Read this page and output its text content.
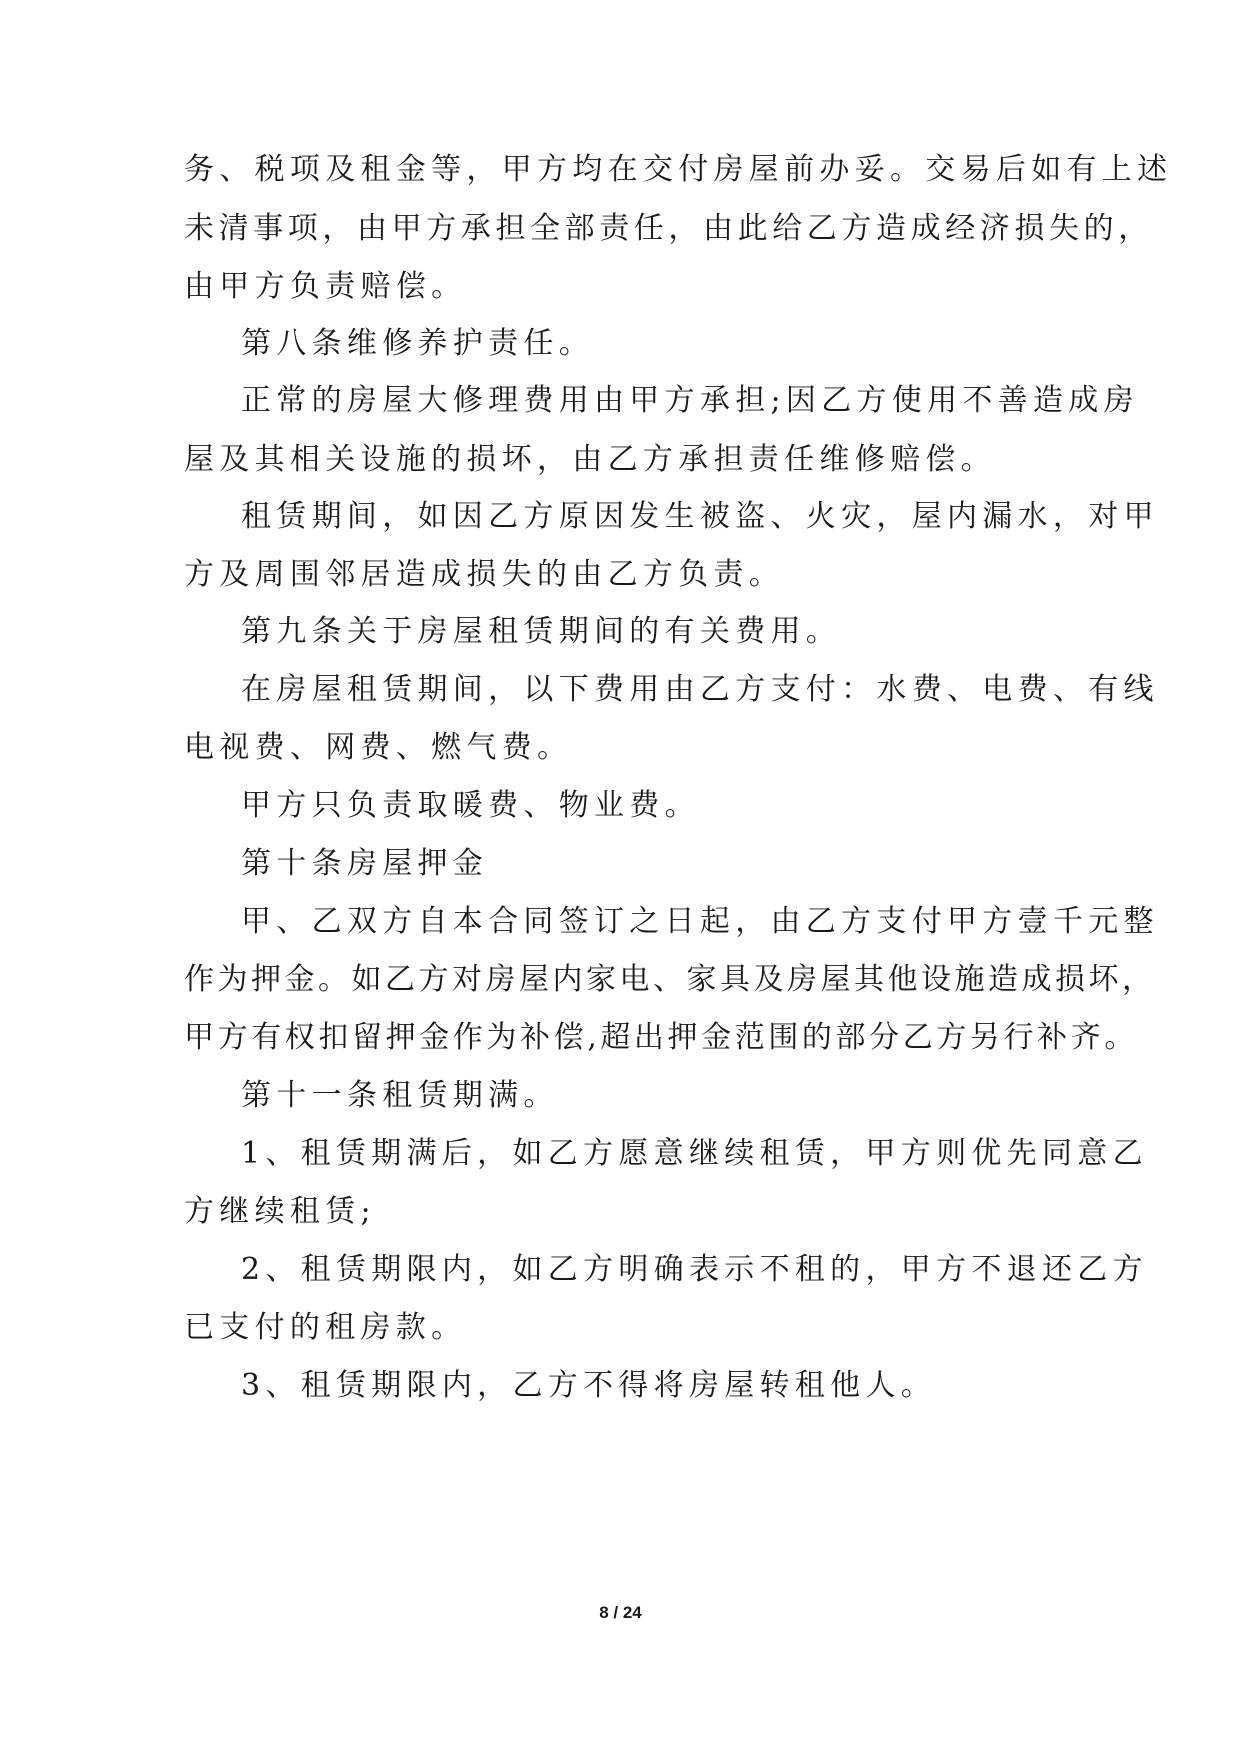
务、税项及租金等，甲方均在交付房屋前办妥。交易后如有上述
未清事项，由甲方承担全部责任，由此给乙方造成经济损失的，
由甲方负责赔偿。
第八条维修养护责任。
正常的房屋大修理费用由甲方承担;因乙方使用不善造成房
屋及其相关设施的损坏，由乙方承担责任维修赔偿。
租赁期间，如因乙方原因发生被盗、火灾，屋内漏水，对甲
方及周围邻居造成损失的由乙方负责。
第九条关于房屋租赁期间的有关费用。
在房屋租赁期间，以下费用由乙方支付：水费、电费、有线
电视费、网费、燃气费。
甲方只负责取暖费、物业费。
第十条房屋押金
甲、乙双方自本合同签订之日起，由乙方支付甲方壹千元整
作为押金。如乙方对房屋内家电、家具及房屋其他设施造成损坏，
甲方有权扣留押金作为补偿,超出押金范围的部分乙方另行补齐。
第十一条租赁期满。
1、租赁期满后，如乙方愿意继续租赁，甲方则优先同意乙
方继续租赁;
2、租赁期限内，如乙方明确表示不租的，甲方不退还乙方
已支付的租房款。
3、租赁期限内，乙方不得将房屋转租他人。
8 / 24
